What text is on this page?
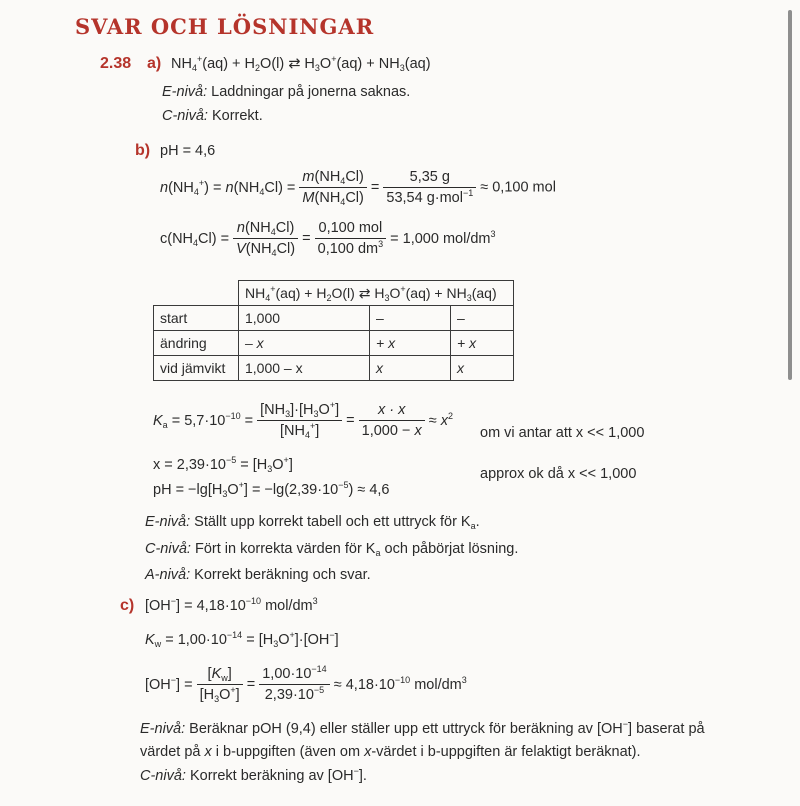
SVAR OCH LÖSNINGAR
2.38 a) $NH_4^+(aq) + H_2O(l)$ ⇄ $H_3O^+(aq) + NH_3(aq)$
E-nivå: Laddningar på jonerna saknas.
C-nivå: Korrekt.
b) pH = 4,6
$n(NH_4^+) = n(NH_4Cl) = \frac{m(NH_4Cl)}{M(NH_4Cl)} = \frac{5,35 g}{53,54 g\cdot mol^{-1}} \approx 0,100$ mol
$c(NH_4Cl) = \frac{n(NH_4Cl)}{V(NH_4Cl)} = \frac{\text{0,100 mol}}{0,100 dm^3} = 1,000$ mol/$dm^3$
	$NH_4^+(aq) + H_2O(l)$ ⇄ $H_3O^+(aq) + NH_3(aq)$		
start	1,000	–	–
ändring	– x	+ x	+ x
vid jämvikt	1,000 – x	x	x
$K_a = 5,7\cdot 10^{-10} = \frac{[NH_3]\cdot[H_3O^+]}{[NH_4^+]} = \frac{x \cdot x}{1,000 - x} \approx x^2$
om vi antar att x << 1,000
$x = 2,39\cdot 10^{-5} = [H_3O^+]$
approx ok då x << 1,000
pH = $-\lg[H_3O^+] = -\lg(2,39\cdot 10^{-5}) \approx 4,6$
E-nivå: Ställt upp korrekt tabell och ett uttryck för $K_a$.
C-nivå: Fört in korrekta värden för $K_a$ och påbörjat lösning.
A-nivå: Korrekt beräkning och svar.
c) $[OH^-] = 4,18\cdot 10^{-10}$ mol/$dm^3$
$K_w = 1,00\cdot 10^{-14} = [H_3O^+]\cdot[OH^-]$
$[OH^-] = \frac{[K_w]}{[H_3O^+]} = \frac{1,00\cdot 10^{-14}}{2,39\cdot 10^{-5}} \approx 4,18\cdot 10^{-10}$ mol/$dm^3$
E-nivå: Beräknar pOH (9,4) eller ställer upp ett uttryck för beräkning av [OH−] baserat på
värdet på x i b-uppgiften (även om x-värdet i b-uppgiften är felaktigt beräknat).
C-nivå: Korrekt beräkning av [OH−].
